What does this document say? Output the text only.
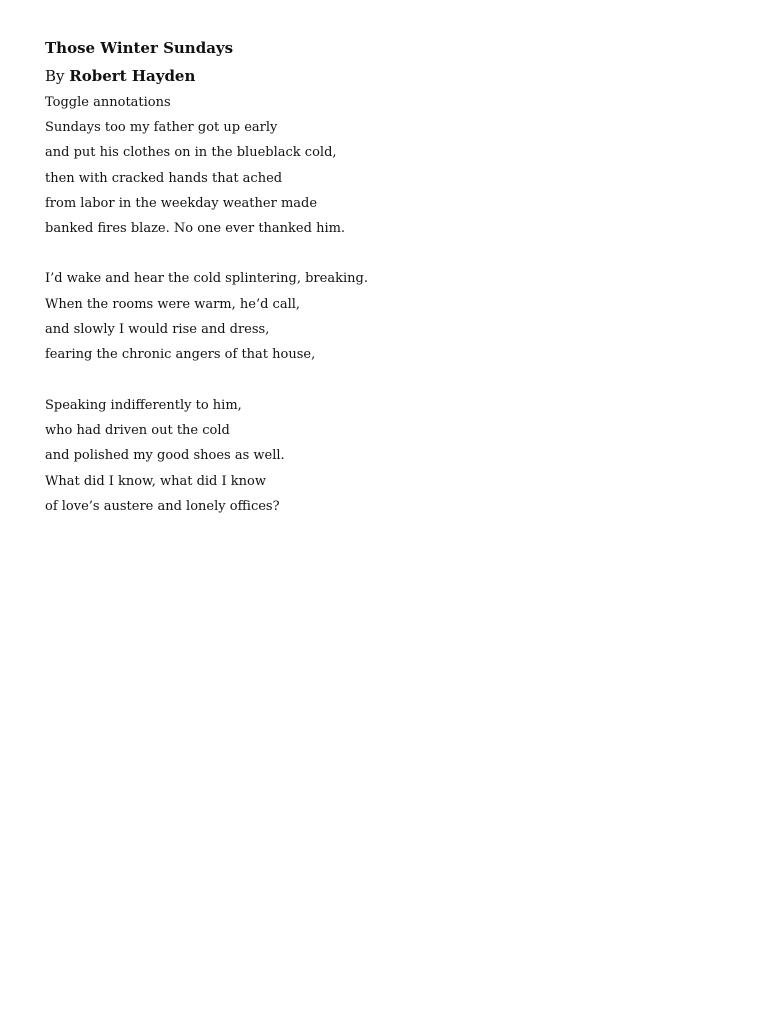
Those Winter Sundays
By Robert Hayden
Toggle annotations
Sundays too my father got up early
and put his clothes on in the blueblack cold,
then with cracked hands that ached
from labor in the weekday weather made
banked fires blaze. No one ever thanked him.
I’d wake and hear the cold splintering, breaking.
When the rooms were warm, he’d call,
and slowly I would rise and dress,
fearing the chronic angers of that house,
Speaking indifferently to him,
who had driven out the cold
and polished my good shoes as well.
What did I know, what did I know
of love’s austere and lonely offices?
